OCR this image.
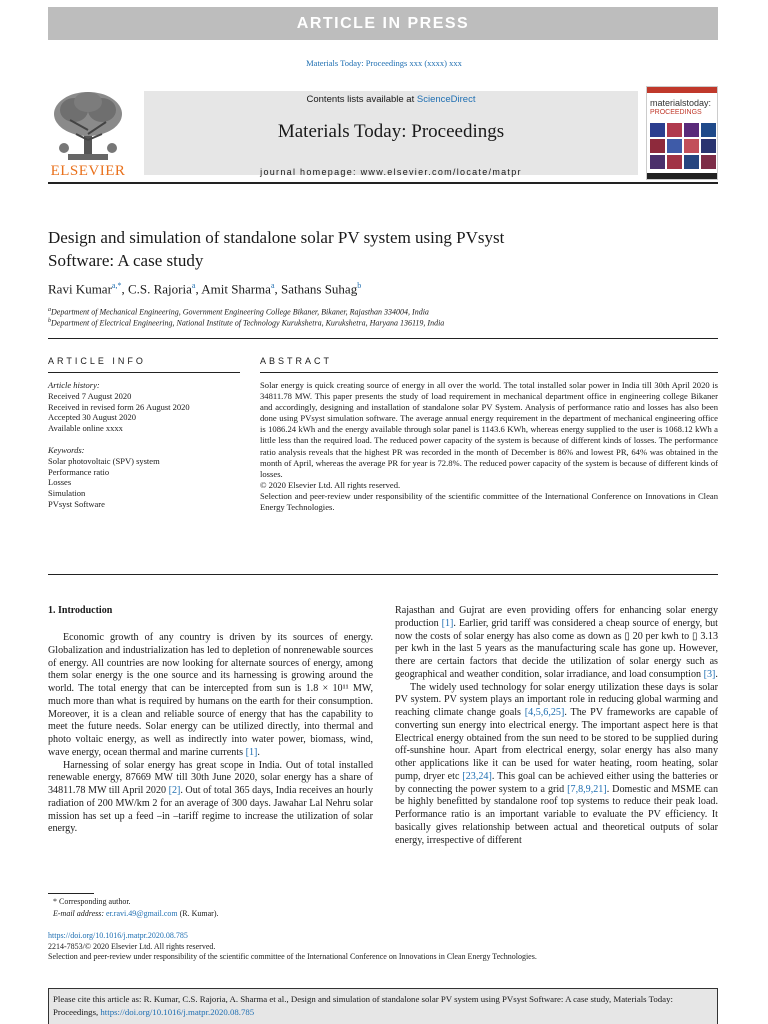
ARTICLE IN PRESS
Materials Today: Proceedings xxx (xxxx) xxx
ELSEVIER
Contents lists available at ScienceDirect
Materials Today: Proceedings
journal homepage: www.elsevier.com/locate/matpr
materialstoday:
PROCEEDINGS
Design and simulation of standalone solar PV system using PVsyst
Software: A case study
Ravi Kumar$^{a,*}$, C.S. Rajoria$^a$, Amit Sharma$^a$, Sathans Suhag$^b$
$^a$Department of Mechanical Engineering, Government Engineering College Bikaner, Bikaner, Rajasthan 334004, India
$^b$Department of Electrical Engineering, National Institute of Technology Kurukshetra, Kurukshetra, Haryana 136119, India
ARTICLE INFO	ABSTRACT
Article history:
Received 7 August 2020
Received in revised form 26 August 2020
Accepted 30 August 2020
Available online xxxx
Keywords:
Solar photovoltaic (SPV) system
Performance ratio
Losses
Simulation
PVsyst Software
Solar energy is quick creating source of energy in all over the world. The total installed solar power in India till 30th April 2020 is 34811.78 MW. This paper presents the study of load requirement in mechanical department office in engineering college Bikaner and accordingly, designing and installation of standalone solar PV System. Analysis of performance ratio and losses has also been done using PVsyst simulation software. The average annual energy requirement in the department of mechanical engineering office is 1086.24 kWh and the energy available through solar panel is 1143.6 KWh, whereas energy supplied to the user is 1068.12 kWh a little less than the required load. The reduced power capacity of the system is because of different kinds of losses. The performance ratio analysis reveals that the highest PR was recorded in the month of December is 86% and lowest PR, 64% was obtained in the month of April, whereas the average PR for year is 72.8%. The reduced power capacity of the system is because of different kinds of losses.
© 2020 Elsevier Ltd. All rights reserved.
Selection and peer-review under responsibility of the scientific committee of the International Conference on Innovations in Clean Energy Technologies.
1. Introduction

Economic growth of any country is driven by its sources of energy. Globalization and industrialization has led to depletion of nonrenewable sources of energy. All countries are now looking for alternate sources of energy, among them solar energy is the one source and its harnessing is growing around the world. The total energy that can be intercepted from sun is 1.8 × 10¹¹ MW, much more than what is required by humans on the earth for their consumption. Moreover, it is a clean and reliable source of energy that has the capability to meet the future needs. Solar energy can be utilized directly, into thermal and photo voltaic energy, as well as indirectly into water power, biomass, wind, wave energy, ocean thermal and marine currents [1].

Harnessing of solar energy has great scope in India. Out of total installed renewable energy, 87669 MW till 30th June 2020, solar energy has a share of 34811.78 MW till April 2020 [2]. Out of total 365 days, India receives an hourly radiation of 200 MW/km 2 for an average of 300 days. Jawahar Lal Nehru solar mission has set up a feed –in –tariff regime to increase the utilization of solar energy.

Rajasthan and Gujrat are even providing offers for enhancing solar energy production [1]. Earlier, grid tariff was considered a cheap source of energy, but now the costs of solar energy has also come as down as ▯ 20 per kwh to ▯ 3.13 per kwh in the last 5 years as the manufacturing scale has gone up. However, there are certain factors that decide the utilization of solar energy such as geographical and weather condition, solar irradiance, and load consumption [3].

The widely used technology for solar energy utilization these days is solar PV system. PV system plays an important role in reducing global warming and reaching climate change goals [4,5,6,25]. The PV frameworks are capable of converting sun energy into electrical energy. The important aspect here is that Electrical energy obtained from the sun need to be stored to be supplied during off-sunshine hour. Apart from electrical energy, solar energy has also many other applications like it can be used for water heating, room heating, solar pump, dryer etc [23,24]. This goal can be achieved either using the batteries or by connecting the power system to a grid [7,8,9,21]. Domestic and MSME can be highly benefitted by standalone roof top systems to reduce their peak load. Performance ratio is an important variable to evaluate the PV efficiency. It basically gives relationship between actual and theoretical outputs of solar energy, irrespective of different

* Corresponding author.
E-mail address: er.ravi.49@gmail.com (R. Kumar).
https://doi.org/10.1016/j.matpr.2020.08.785
2214-7853/© 2020 Elsevier Ltd. All rights reserved.
Selection and peer-review under responsibility of the scientific committee of the International Conference on Innovations in Clean Energy Technologies.
Please cite this article as: R. Kumar, C.S. Rajoria, A. Sharma et al., Design and simulation of standalone solar PV system using PVsyst Software: A case study, Materials Today: Proceedings, https://doi.org/10.1016/j.matpr.2020.08.785
